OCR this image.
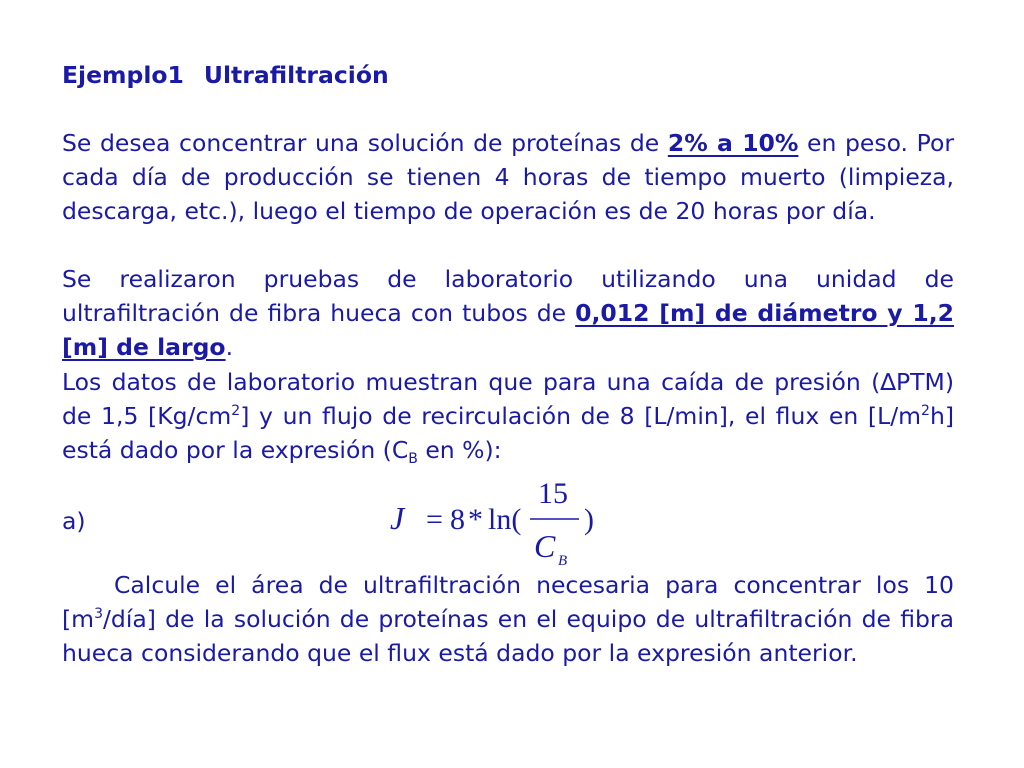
Ejemplo1 Ultrafiltración
Se desea concentrar una solución de proteínas de 2% a 10% en peso. Por cada día de producción se tienen 4 horas de tiempo muerto (limpieza, descarga, etc.), luego el tiempo de operación es de 20 horas por día.
Se realizaron pruebas de laboratorio utilizando una unidad de ultrafiltración de fibra hueca con tubos de 0,012 [m] de diámetro y 1,2 [m] de largo.
Los datos de laboratorio muestran que para una caída de presión (∆PTM) de 1,5 $[Kg/cm^2]$ y un flujo de recirculación de 8 [L/min], el flux en $[L/m^2h]$ está dado por la expresión ($C_B$ en %):
a)	J = 8 * ln(
15
C B
)
Calcule el área de ultrafiltración necesaria para concentrar los 10 $[m^3/día]$ de la solución de proteínas en el equipo de ultrafiltración de fibra hueca considerando que el flux está dado por la expresión anterior.
